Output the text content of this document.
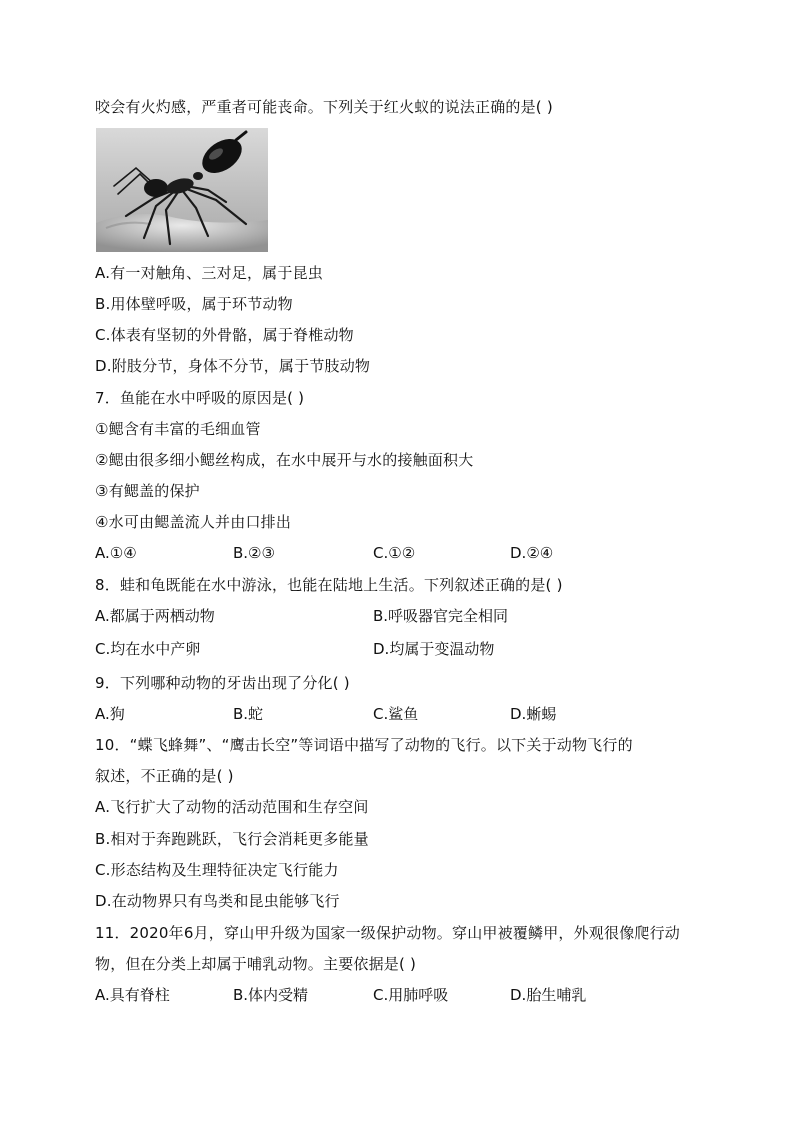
咬会有火灼感，严重者可能丧命。下列关于红火蚁的说法正确的是( )
A.有一对触角、三对足，属于昆虫
B.用体壁呼吸，属于环节动物
C.体表有坚韧的外骨骼，属于脊椎动物
D.附肢分节，身体不分节，属于节肢动物
7．鱼能在水中呼吸的原因是( )
①鳃含有丰富的毛细血管
②鳃由很多细小鳃丝构成，在水中展开与水的接触面积大
③有鳃盖的保护
④水可由鳃盖流人并由口排出
A.①④	B.②③	C.①②	D.②④
8．蛙和龟既能在水中游泳，也能在陆地上生活。下列叙述正确的是( )
A.都属于两栖动物	B.呼吸器官完全相同
C.均在水中产卵	D.均属于变温动物
9．下列哪种动物的牙齿出现了分化( )
A.狗	B.蛇	C.鲨鱼	D.蜥蜴
10．“蝶飞蜂舞”、“鹰击长空”等词语中描写了动物的飞行。以下关于动物飞行的
叙述，不正确的是( )
A.飞行扩大了动物的活动范围和生存空间
B.相对于奔跑跳跃，飞行会消耗更多能量
C.形态结构及生理特征决定飞行能力
D.在动物界只有鸟类和昆虫能够飞行
11．2020年6月，穿山甲升级为国家一级保护动物。穿山甲被覆鳞甲，外观很像爬行动
物，但在分类上却属于哺乳动物。主要依据是( )
A.具有脊柱	B.体内受精	C.用肺呼吸	D.胎生哺乳
